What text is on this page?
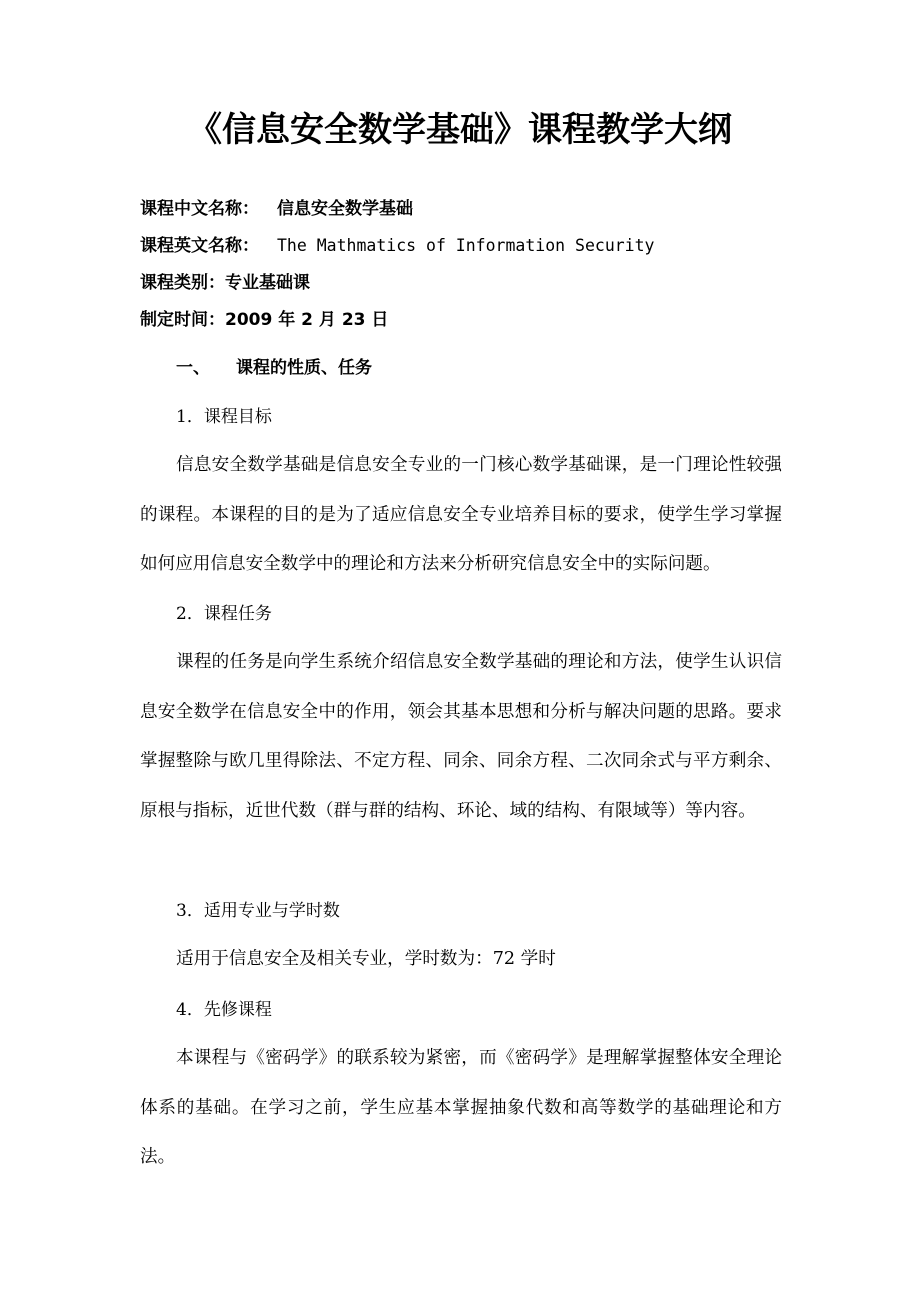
《信息安全数学基础》课程教学大纲
课程中文名称： 信息安全数学基础
课程英文名称： The Mathmatics of Information Security
课程类别：专业基础课
制定时间：2009 年 2 月 23 日
一、 课程的性质、任务
1．课程目标

信息安全数学基础是信息安全专业的一门核心数学基础课，是一门理论性较强的课程。本课程的目的是为了适应信息安全专业培养目标的要求，使学生学习掌握如何应用信息安全数学中的理论和方法来分析研究信息安全中的实际问题。

2．课程任务

课程的任务是向学生系统介绍信息安全数学基础的理论和方法，使学生认识信息安全数学在信息安全中的作用，领会其基本思想和分析与解决问题的思路。要求掌握整除与欧几里得除法、不定方程、同余、同余方程、二次同余式与平方剩余、原根与指标，近世代数（群与群的结构、环论、域的结构、有限域等）等内容。

3．适用专业与学时数

适用于信息安全及相关专业，学时数为：72 学时

4．先修课程

本课程与《密码学》的联系较为紧密，而《密码学》是理解掌握整体安全理论体系的基础。在学习之前，学生应基本掌握抽象代数和高等数学的基础理论和方法。
